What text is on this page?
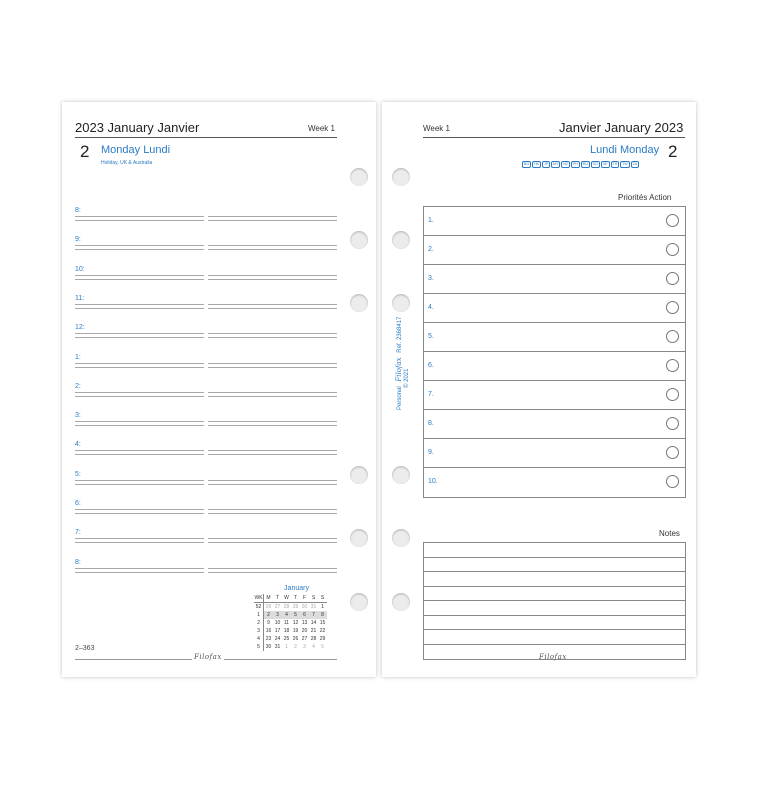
2023 January Janvier	Week 1
2 Monday Lundi
Holiday, UK & Australia
January
WK	M	T	W	T	F	S	S
52	26	27	28	29	30	31	1
1	2	3	4	5	6	7	8
2	9	10	11	12	13	14	15
3	16	17	18	19	20	21	22
4	23	24	25	26	27	28	29
5	30	31	1	2	3	4	5
2–363
Filofax
8:
9:
10:
11:
12:
1:
2:
3:
4:
5:
6:
7:
8:
Week 1	Janvier January 2023
Lundi Monday 2
BG	HK	JP	MY	NZ	PH	RU	SG	SE	TH	TW	ZA
Priorités Action
Notes
Filofax
1.
2.
3.
4.
5.
6.
7.
8.
9.
10.
Personal Filofax Ref. 2368417
© 2021
